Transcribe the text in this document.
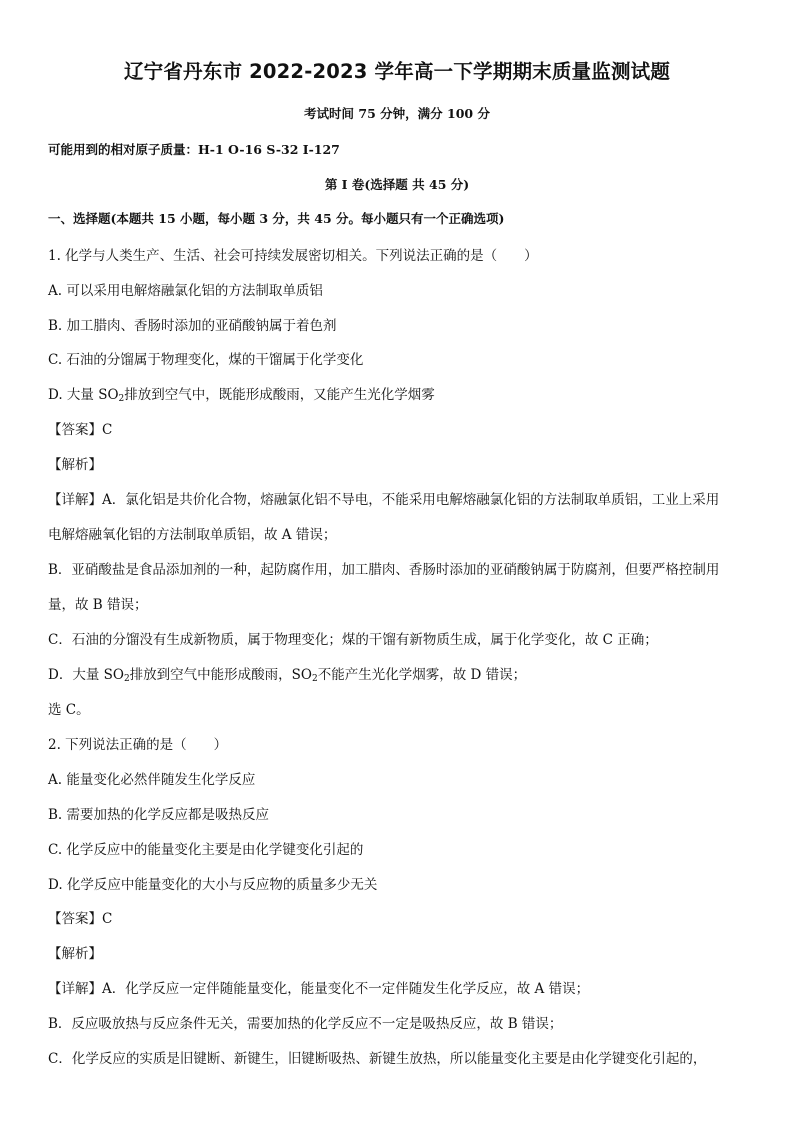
辽宁省丹东市 2022-2023 学年高一下学期期末质量监测试题
考试时间 75 分钟，满分 100 分
可能用到的相对原子质量：H-1 O-16 S-32 I-127
第 I 卷(选择题 共 45 分)
一、选择题(本题共 15 小题，每小题 3 分，共 45 分。每小题只有一个正确选项)
1. 化学与人类生产、生活、社会可持续发展密切相关。下列说法正确的是（　　）
A. 可以采用电解熔融氯化铝的方法制取单质铝
B. 加工腊肉、香肠时添加的亚硝酸钠属于着色剂
C. 石油的分馏属于物理变化，煤的干馏属于化学变化
D. 大量 $SO_2$排放到空气中，既能形成酸雨，又能产生光化学烟雾
【答案】C
【解析】
【详解】A．氯化铝是共价化合物，熔融氯化铝不导电，不能采用电解熔融氯化铝的方法制取单质铝，工业上采用
电解熔融氧化铝的方法制取单质铝，故 A 错误；
B．亚硝酸盐是食品添加剂的一种，起防腐作用，加工腊肉、香肠时添加的亚硝酸钠属于防腐剂，但要严格控制用
量，故 B 错误；
C．石油的分馏没有生成新物质，属于物理变化；煤的干馏有新物质生成，属于化学变化，故 C 正确；
D．大量 $SO_2$排放到空气中能形成酸雨，$SO_2$不能产生光化学烟雾，故 D 错误；
选 C。
2. 下列说法正确的是（　　）
A. 能量变化必然伴随发生化学反应
B. 需要加热的化学反应都是吸热反应
C. 化学反应中的能量变化主要是由化学键变化引起的
D. 化学反应中能量变化的大小与反应物的质量多少无关
【答案】C
【解析】
【详解】A．化学反应一定伴随能量变化，能量变化不一定伴随发生化学反应，故 A 错误；
B．反应吸放热与反应条件无关，需要加热的化学反应不一定是吸热反应，故 B 错误；
C．化学反应的实质是旧键断、新键生，旧键断吸热、新键生放热，所以能量变化主要是由化学键变化引起的，
